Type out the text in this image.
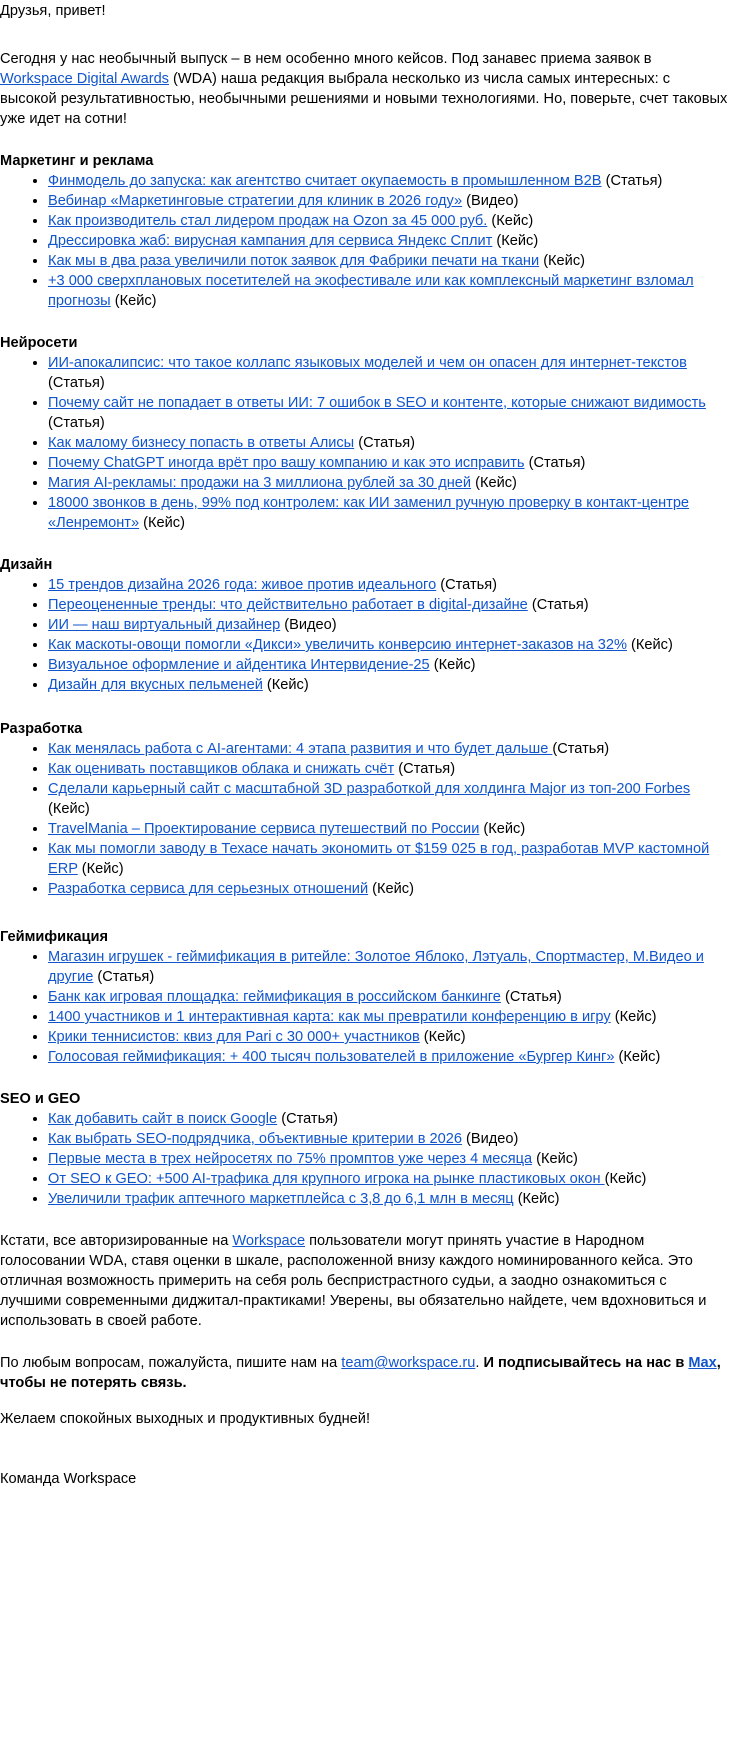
Друзья, привет!

Сегодня у нас необычный выпуск – в нем особенно много кейсов. Под занавес приема заявок в Workspace Digital Awards (WDA) наша редакция выбрала несколько из числа самых интересных: с высокой результативностью, необычными решениями и новыми технологиями. Но, поверьте, счет таковых уже идет на сотни!

Маркетинг и реклама
• Финмодель до запуска: как агентство считает окупаемость в промышленном B2B (Статья)
• Вебинар «Маркетинговые стратегии для клиник в 2026 году» (Видео)
• Как производитель стал лидером продаж на Ozon за 45 000 руб. (Кейс)
• Дрессировка жаб: вирусная кампания для сервиса Яндекс Сплит (Кейс)
• Как мы в два раза увеличили поток заявок для Фабрики печати на ткани (Кейс)
• +3 000 сверхплановых посетителей на экофестивале или как комплексный маркетинг взломал прогнозы (Кейс)
Нейросети
• ИИ-апокалипсис: что такое коллапс языковых моделей и чем он опасен для интернет-текстов (Статья)
• Почему сайт не попадает в ответы ИИ: 7 ошибок в SEO и контенте, которые снижают видимость (Статья)
• Как малому бизнесу попасть в ответы Алисы (Статья)
• Почему ChatGPT иногда врёт про вашу компанию и как это исправить (Статья)
• Магия AI-рекламы: продажи на 3 миллиона рублей за 30 дней (Кейс)
• 18000 звонков в день, 99% под контролем: как ИИ заменил ручную проверку в контакт-центре «Ленремонт» (Кейс)
Дизайн
• 15 трендов дизайна 2026 года: живое против идеального (Статья)
• Переоцененные тренды: что действительно работает в digital-дизайне (Статья)
• ИИ — наш виртуальный дизайнер (Видео)
• Как маскоты-овощи помогли «Дикси» увеличить конверсию интернет-заказов на 32% (Кейс)
• Визуальное оформление и айдентика Интервидение-25 (Кейс)
• Дизайн для вкусных пельменей (Кейс)
Разработка
• Как менялась работа с AI-агентами: 4 этапа развития и что будет дальше (Статья)
• Как оценивать поставщиков облака и снижать счёт (Статья)
• Сделали карьерный сайт с масштабной 3D разработкой для холдинга Major из топ-200 Forbes (Кейс)
• TravelMania – Проектирование сервиса путешествий по России (Кейс)
• Как мы помогли заводу в Техасе начать экономить от $159 025 в год, разработав MVP кастомной ERP (Кейс)
• Разработка сервиса для серьезных отношений (Кейс)
Геймификация
• Магазин игрушек - геймификация в ритейле: Золотое Яблоко, Лэтуаль, Спортмастер, М.Видео и другие (Статья)
• Банк как игровая площадка: геймификация в российском банкинге (Статья)
• 1400 участников и 1 интерактивная карта: как мы превратили конференцию в игру (Кейс)
• Крики теннисистов: квиз для Pari с 30 000+ участников (Кейс)
• Голосовая геймификация: + 400 тысяч пользователей в приложение «Бургер Кинг» (Кейс)
SEO и GEO
• Как добавить сайт в поиск Google (Статья)
• Как выбрать SEO-подрядчика, объективные критерии в 2026 (Видео)
• Первые места в трех нейросетях по 75% промптов уже через 4 месяца (Кейс)
• От SEO к GEO: +500 AI-трафика для крупного игрока на рынке пластиковых окон (Кейс)
• Увеличили трафик аптечного маркетплейса с 3,8 до 6,1 млн в месяц (Кейс)

Кстати, все авторизированные на Workspace пользователи могут принять участие в Народном голосовании WDA, ставя оценки в шкале, расположенной внизу каждого номинированного кейса. Это отличная возможность примерить на себя роль беспристрастного судьи, а заодно ознакомиться с лучшими современными диджитал-практиками! Уверены, вы обязательно найдете, чем вдохновиться и использовать в своей работе.

По любым вопросам, пожалуйста, пишите нам на team@workspace.ru. И подписывайтесь на нас в Max, чтобы не потерять связь.

Желаем спокойных выходных и продуктивных будней!

Команда Workspace
